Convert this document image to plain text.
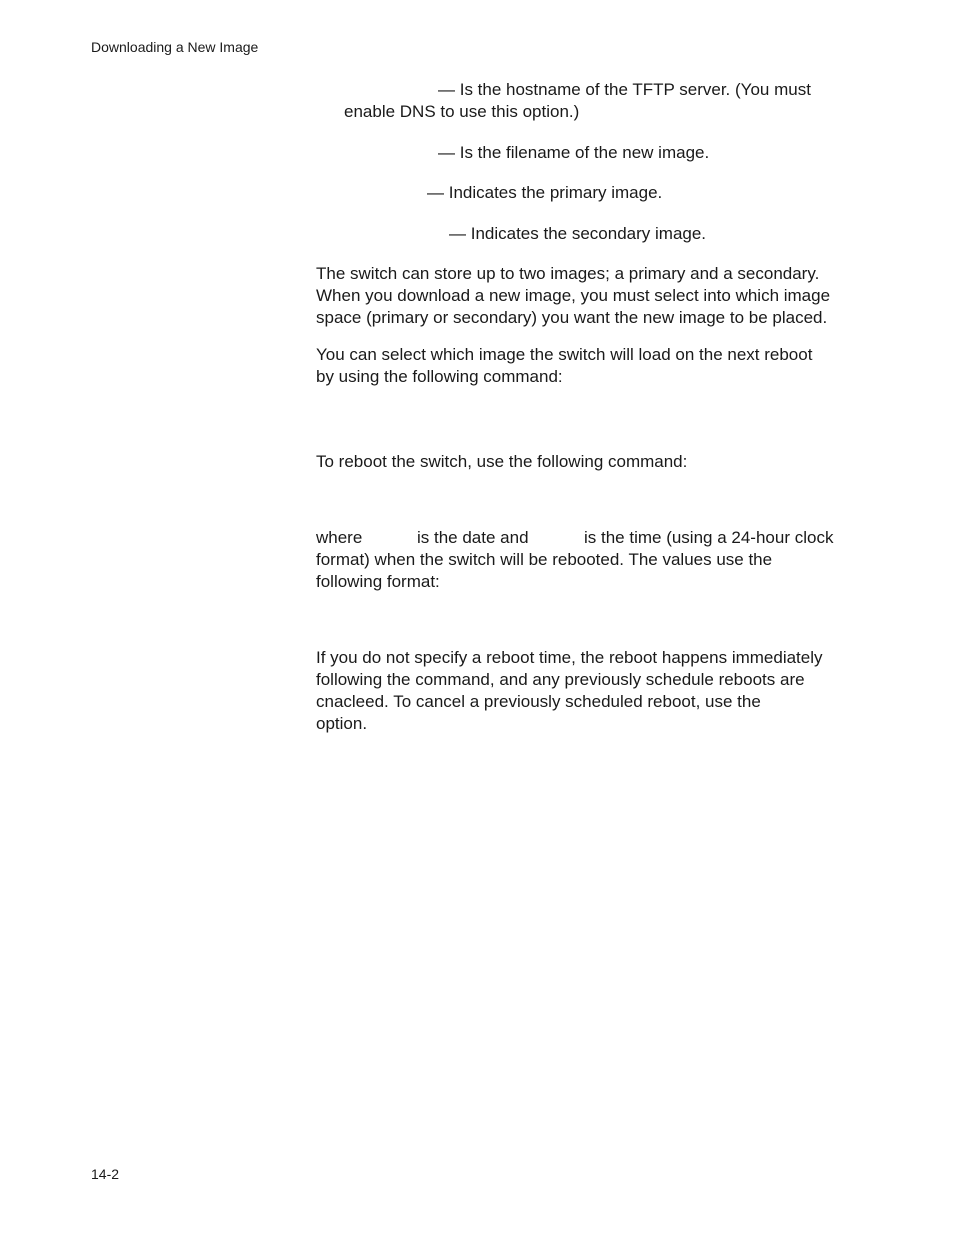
Downloading a New Image
— Is the hostname of the TFTP server. (You must
enable DNS to use this option.)
— Is the filename of the new image.
— Indicates the primary image.
— Indicates the secondary image.
The switch can store up to two images; a primary and a secondary.
When you download a new image, you must select into which image
space (primary or secondary) you want the new image to be placed.
You can select which image the switch will load on the next reboot
by using the following command:
To reboot the switch, use the following command:
where	is the date and	is the time (using a 24-hour clock
format) when the switch will be rebooted. The values use the
following format:
If you do not specify a reboot time, the reboot happens immediately
following the command, and any previously schedule reboots are
cnacleed. To cancel a previously scheduled reboot, use the
option.
14-2
